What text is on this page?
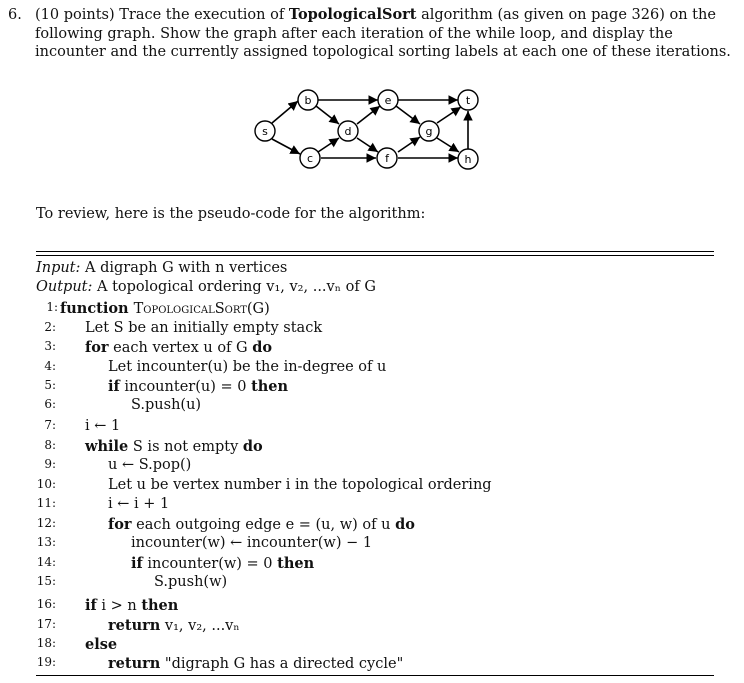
6. (10 points) Trace the execution of TopologicalSort algorithm (as given on page 326) on the following graph. Show the graph after each iteration of the while loop, and display the incounter and the currently assigned topological sorting labels at each one of these iterations.
s
b
c
d
e
f
g
t
h
To review, here is the pseudo-code for the algorithm:
Input: A digraph G with n vertices
Output: A topological ordering v₁, v₂, ...vₙ of G
1: function TopologicalSort(G)
2: Let S be an initially empty stack
3: for each vertex u of G do
4:	Let incounter(u) be the in-degree of u
5:	if incounter(u) = 0 then
6:	S.push(u)
7: i ← 1
8: while S is not empty do
9:	u ← S.pop()
10:	Let u be vertex number i in the topological ordering
11:	i ← i + 1
12:	for each outgoing edge e = (u, w) of u do
13:	incounter(w) ← incounter(w) − 1
14:	if incounter(w) = 0 then
15:	S.push(w)
16: if i > n then
17:	return v₁, v₂, ...vₙ
18: else
19:	return "digraph G has a directed cycle"
